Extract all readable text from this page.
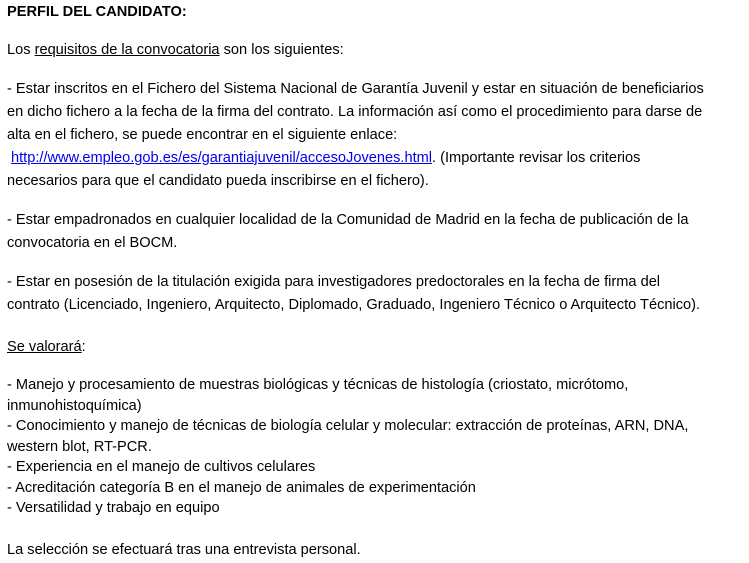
PERFIL DEL CANDIDATO:
Los requisitos de la convocatoria son los siguientes:
- Estar inscritos en el Fichero del Sistema Nacional de Garantía Juvenil y estar en situación de beneficiarios
en dicho fichero a la fecha de la firma del contrato. La información así como el procedimiento para darse de
alta en el fichero, se puede encontrar en el siguiente enlace:
http://www.empleo.gob.es/es/garantiajuvenil/accesoJovenes.html. (Importante revisar los criterios
necesarios para que el candidato pueda inscribirse en el fichero).
- Estar empadronados en cualquier localidad de la Comunidad de Madrid en la fecha de publicación de la
convocatoria en el BOCM.
- Estar en posesión de la titulación exigida para investigadores predoctorales en la fecha de firma del
contrato (Licenciado, Ingeniero, Arquitecto, Diplomado, Graduado, Ingeniero Técnico o Arquitecto Técnico).
Se valorará:
- Manejo y procesamiento de muestras biológicas y técnicas de histología (criostato, micrótomo,
inmunohistoquímica)
- Conocimiento y manejo de técnicas de biología celular y molecular: extracción de proteínas, ARN, DNA,
western blot, RT-PCR.
- Experiencia en el manejo de cultivos celulares
- Acreditación categoría B en el manejo de animales de experimentación
- Versatilidad y trabajo en equipo
La selección se efectuará tras una entrevista personal.
